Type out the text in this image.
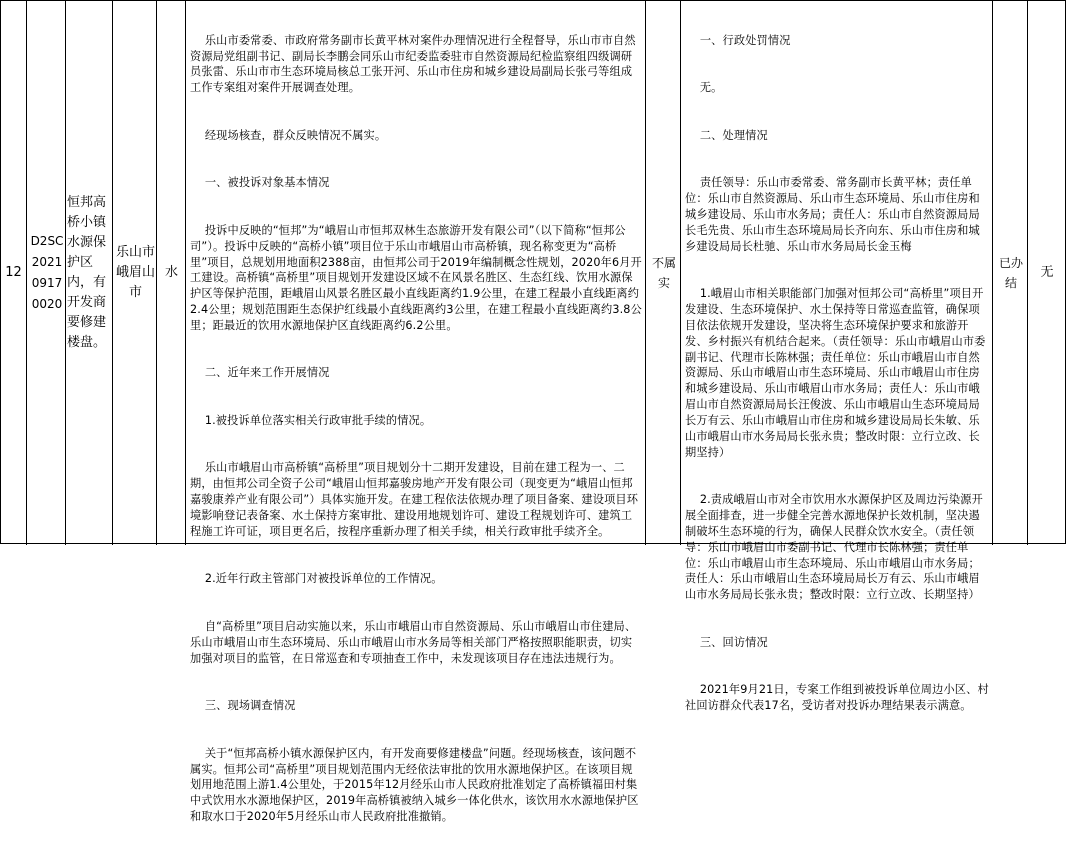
12
D2SC20210917 0020
恒邦高桥小镇水源保护区内，有开发商要修建楼盘。
乐山市峨眉山市
水

乐山市委常委、市政府常务副市长黄平林对案件办理情况进行全程督导，乐山市市自然资源局党组副书记、副局长李鹏会同乐山市纪委监委驻市自然资源局纪检监察组四级调研员张雷、乐山市市生态环境局核总工张开河、乐山市住房和城乡建设局副局长张弓等组成工作专案组对案件开展调查处理。

经现场核查，群众反映情况不属实。

一、被投诉对象基本情况

投诉中反映的“恒邦”为“峨眉山市恒邦双林生态旅游开发有限公司”（以下简称“恒邦公司”）。投诉中反映的“高桥小镇”项目位于乐山市峨眉山市高桥镇，现名称变更为“高桥里”项目，总规划用地面积2388亩，由恒邦公司于2019年编制概念性规划，2020年6月开工建设。高桥镇“高桥里”项目规划开发建设区域不在风景名胜区、生态红线、饮用水源保护区等保护范围，距峨眉山风景名胜区最小直线距离约1.9公里，在建工程最小直线距离约2.4公里；规划范围距生态保护红线最小直线距离约3公里，在建工程最小直线距离约3.8公里；距最近的饮用水源地保护区直线距离约6.2公里。

二、近年来工作开展情况

1.被投诉单位落实相关行政审批手续的情况。

乐山市峨眉山市高桥镇“高桥里”项目规划分十二期开发建设，目前在建工程为一、二期，由恒邦公司全资子公司“峨眉山恒邦嘉骏房地产开发有限公司（现变更为“峨眉山恒邦嘉骏康养产业有限公司”）具体实施开发。在建工程依法依规办理了项目备案、建设项目环境影响登记表备案、水土保持方案审批、建设用地规划许可、建设工程规划许可、建筑工程施工许可证，项目更名后，按程序重新办理了相关手续，相关行政审批手续齐全。

2.近年行政主管部门对被投诉单位的工作情况。

自“高桥里”项目启动实施以来，乐山市峨眉山市自然资源局、乐山市峨眉山市住建局、乐山市峨眉山市生态环境局、乐山市峨眉山市水务局等相关部门严格按照职能职责，切实加强对项目的监管，在日常巡查和专项抽查工作中，未发现该项目存在违法违规行为。

三、现场调查情况

关于“恒邦高桥小镇水源保护区内，有开发商要修建楼盘”问题。经现场核查，该问题不属实。恒邦公司“高桥里”项目规划范围内无经依法审批的饮用水源地保护区。在该项目规划用地范围上游1.4公里处，于2015年12月经乐山市人民政府批准划定了高桥镇福田村集中式饮用水水源地保护区，2019年高桥镇被纳入城乡一体化供水，该饮用水水源地保护区和取水口于2020年5月经乐山市人民政府批准撤销。

不属实

一、行政处罚情况

无。

二、处理情况

责任领导：乐山市委常委、常务副市长黄平林；责任单位：乐山市自然资源局、乐山市生态环境局、乐山市住房和城乡建设局、乐山市水务局；责任人：乐山市自然资源局局长毛先贵、乐山市生态环境局局长齐向东、乐山市住房和城乡建设局局长杜驰、乐山市水务局局长金玉梅

1.峨眉山市相关职能部门加强对恒邦公司“高桥里”项目开发建设、生态环境保护、水土保持等日常巡查监管，确保项目依法依规开发建设，坚决将生态环境保护要求和旅游开发、乡村振兴有机结合起来。（责任领导：乐山市峨眉山市委副书记、代理市长陈林强；责任单位：乐山市峨眉山市自然资源局、乐山市峨眉山市生态环境局、乐山市峨眉山市住房和城乡建设局、乐山市峨眉山市水务局；责任人：乐山市峨眉山市自然资源局局长汪俊波、乐山市峨眉山生态环境局局长万有云、乐山市峨眉山市住房和城乡建设局局长朱敏、乐山市峨眉山市水务局局长张永贵；整改时限：立行立改、长期坚持）

2.责成峨眉山市对全市饮用水水源保护区及周边污染源开展全面排查，进一步健全完善水源地保护长效机制，坚决遏制破坏生态环境的行为，确保人民群众饮水安全。（责任领导：乐山市峨眉山市委副书记、代理市长陈林强；责任单位：乐山市峨眉山市生态环境局、乐山市峨眉山市水务局；责任人：乐山市峨眉山生态环境局局长万有云、乐山市峨眉山市水务局局长张永贵；整改时限：立行立改、长期坚持）

三、回访情况

2021年9月21日，专案工作组到被投诉单位周边小区、村社回访群众代表17名，受访者对投诉办理结果表示满意。

已办结
无
